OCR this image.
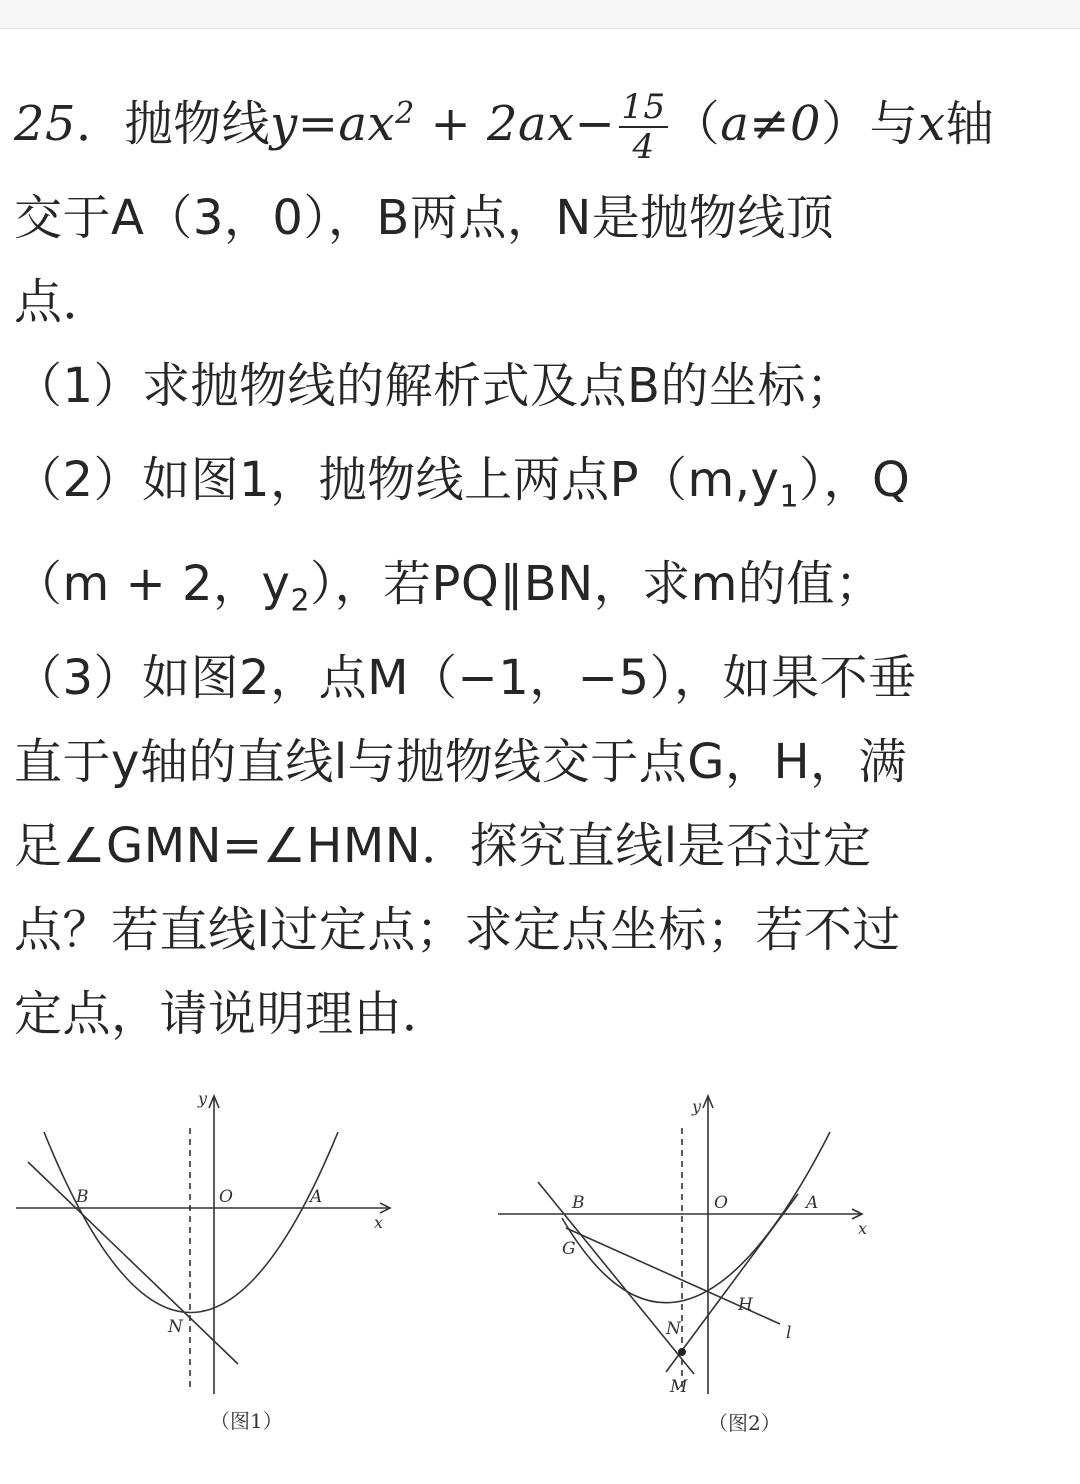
25．抛物线$y=ax^2 + 2ax- \frac{15}{4} (a\ne 0)$与x轴
交于A（3，0），B两点，N是抛物线顶
点．
（1）求抛物线的解析式及点B的坐标；
（2）如图1，抛物线上两点$P(m,y_1)$，Q
（m + 2，$y_2$），若PQ∥BN，求m的值；
（3）如图2，点M（−1，−5），如果不垂
直于y轴的直线l与抛物线交于点G，H，满
足∠GMN=∠HMN．探究直线l是否过定
点？若直线l过定点；求定点坐标；若不过
定点，请说明理由．
y
x
O	A
B
N
（图1）
y
x
O	A
B
G
H
N
M
l
（图2）
